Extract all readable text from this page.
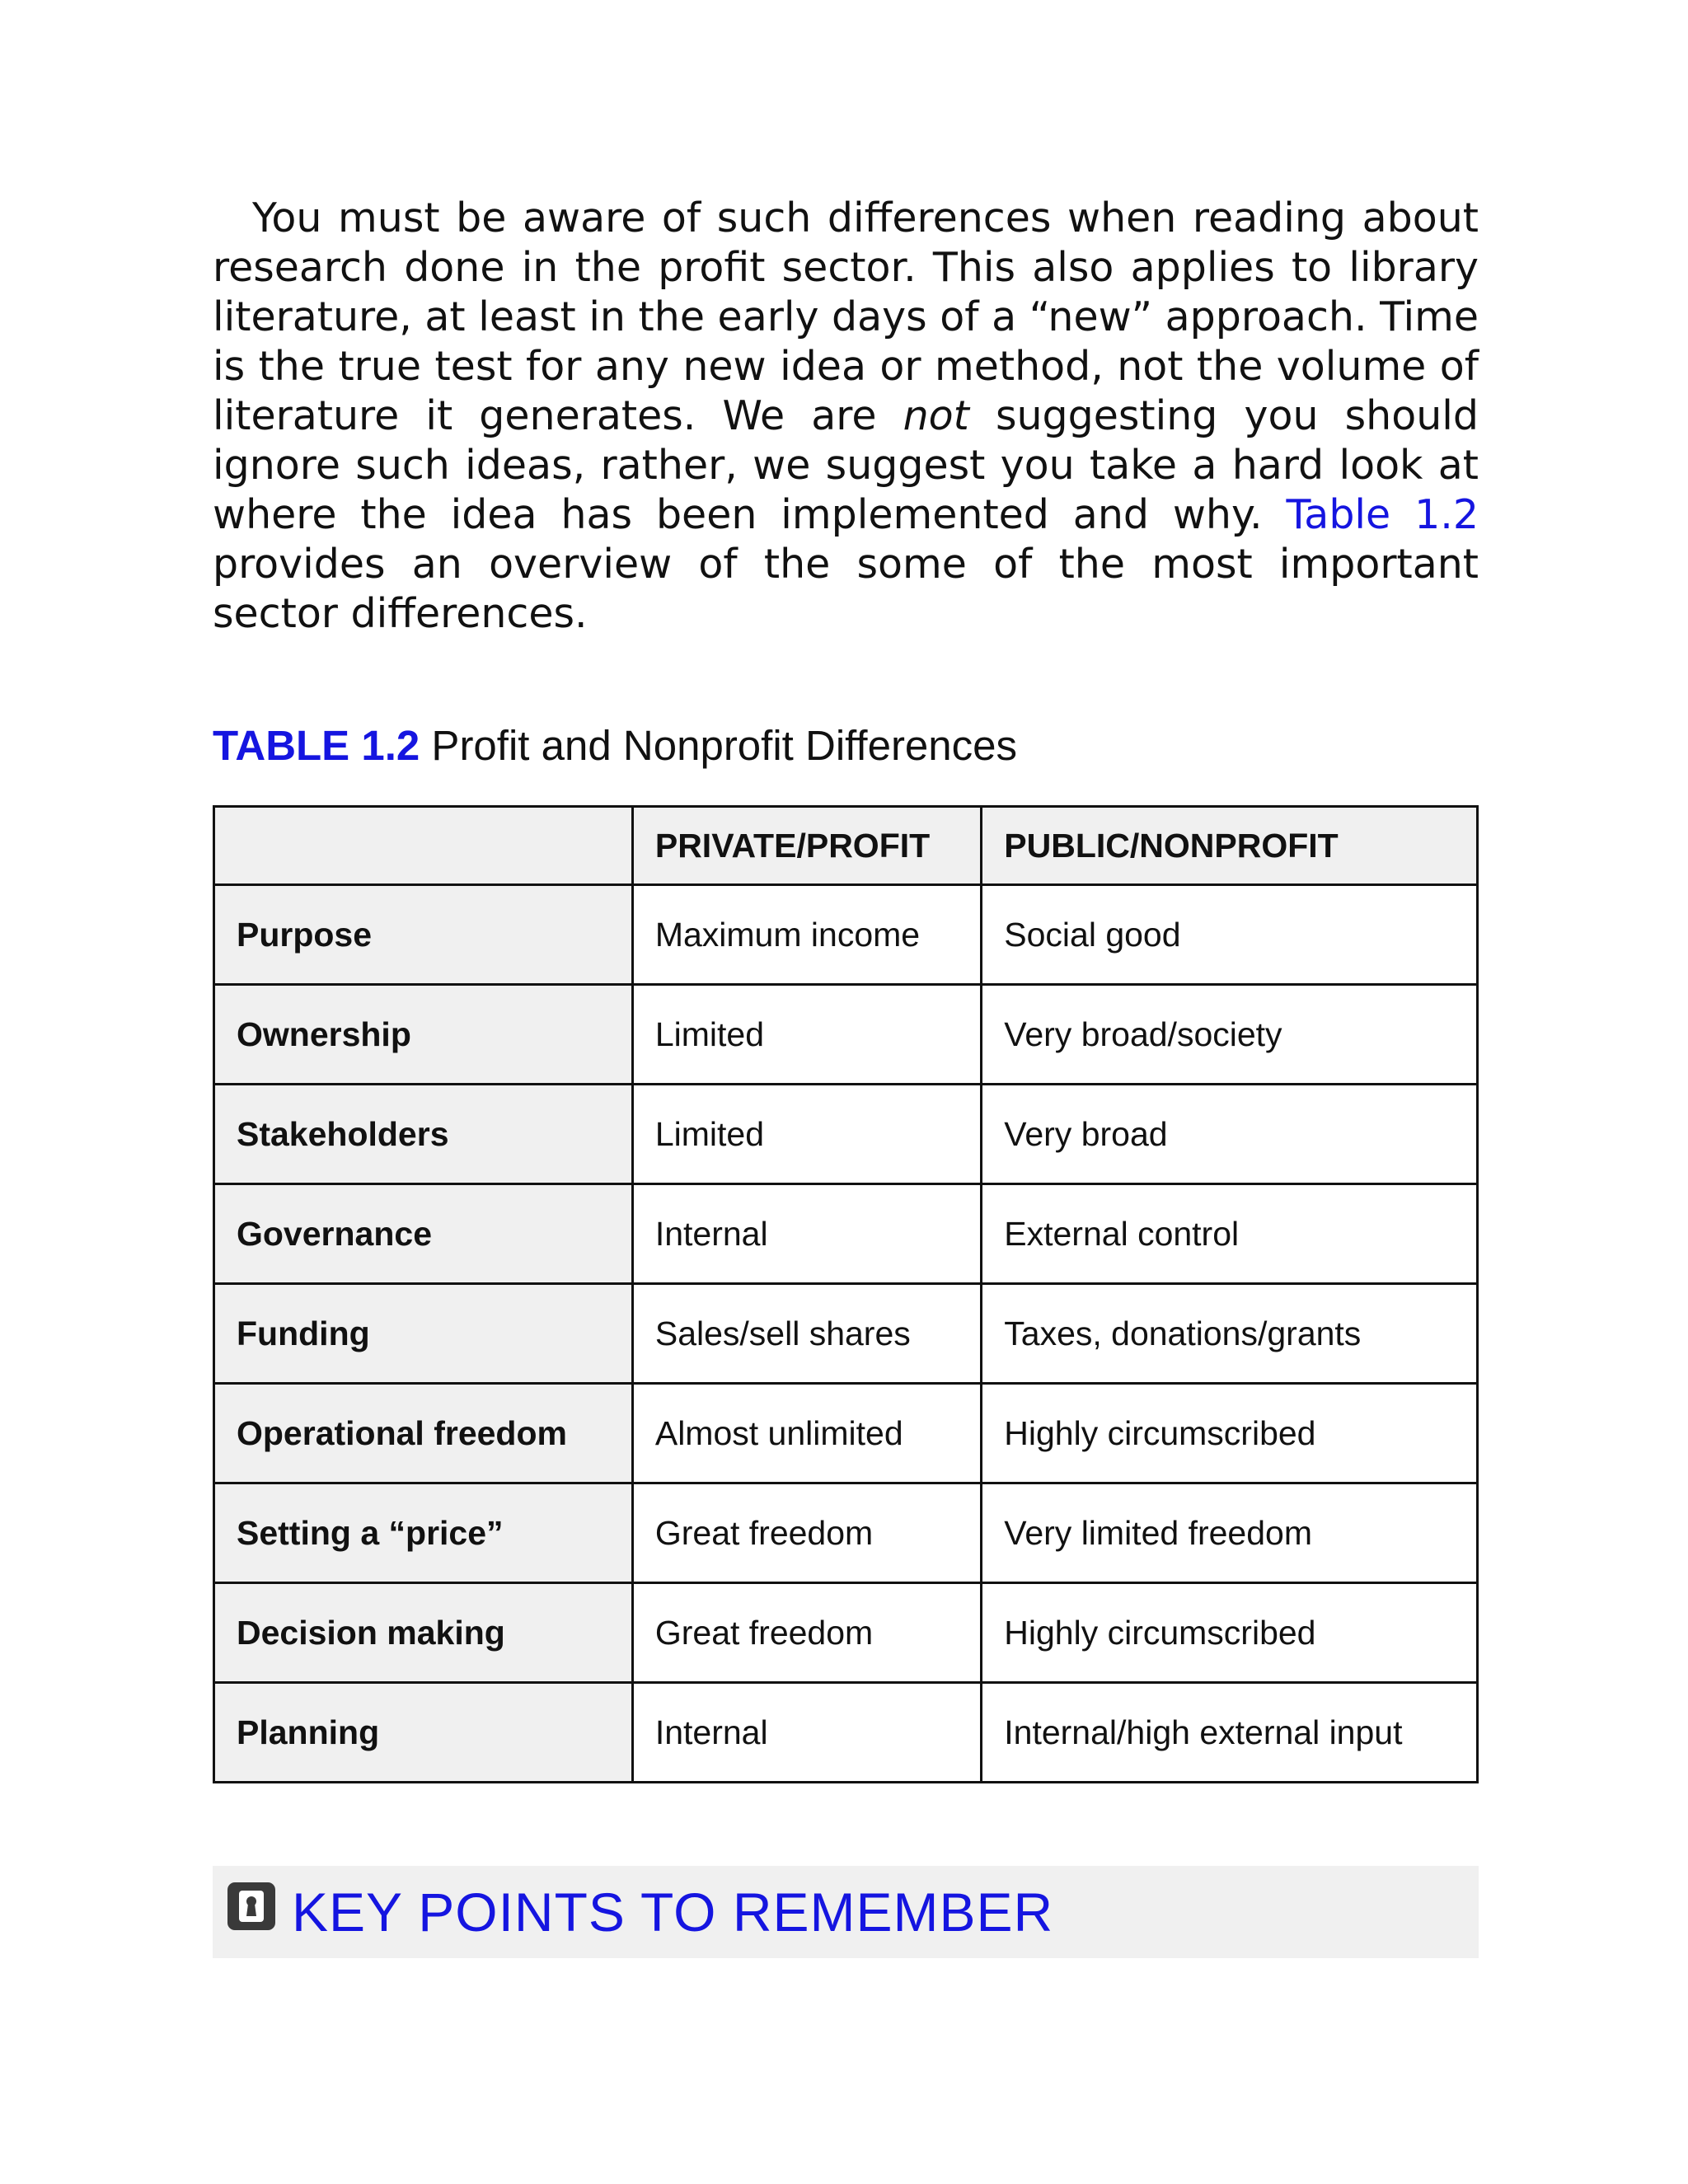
You must be aware of such differences when reading about research done in the profit sector. This also applies to library literature, at least in the early days of a “new” approach. Time is the true test for any new idea or method, not the volume of literature it generates. We are not suggesting you should ignore such ideas, rather, we suggest you take a hard look at where the idea has been implemented and why. Table 1.2 provides an overview of the some of the most important sector differences.

TABLE 1.2 Profit and Nonprofit Differences
	PRIVATE/PROFIT	PUBLIC/NONPROFIT
Purpose	Maximum income	Social good
Ownership	Limited	Very broad/society
Stakeholders	Limited	Very broad
Governance	Internal	External control
Funding	Sales/sell shares	Taxes, donations/grants
Operational freedom	Almost unlimited	Highly circumscribed
Setting a “price”	Great freedom	Very limited freedom
Decision making	Great freedom	Highly circumscribed
Planning	Internal	Internal/high external input
KEY POINTS TO REMEMBER
